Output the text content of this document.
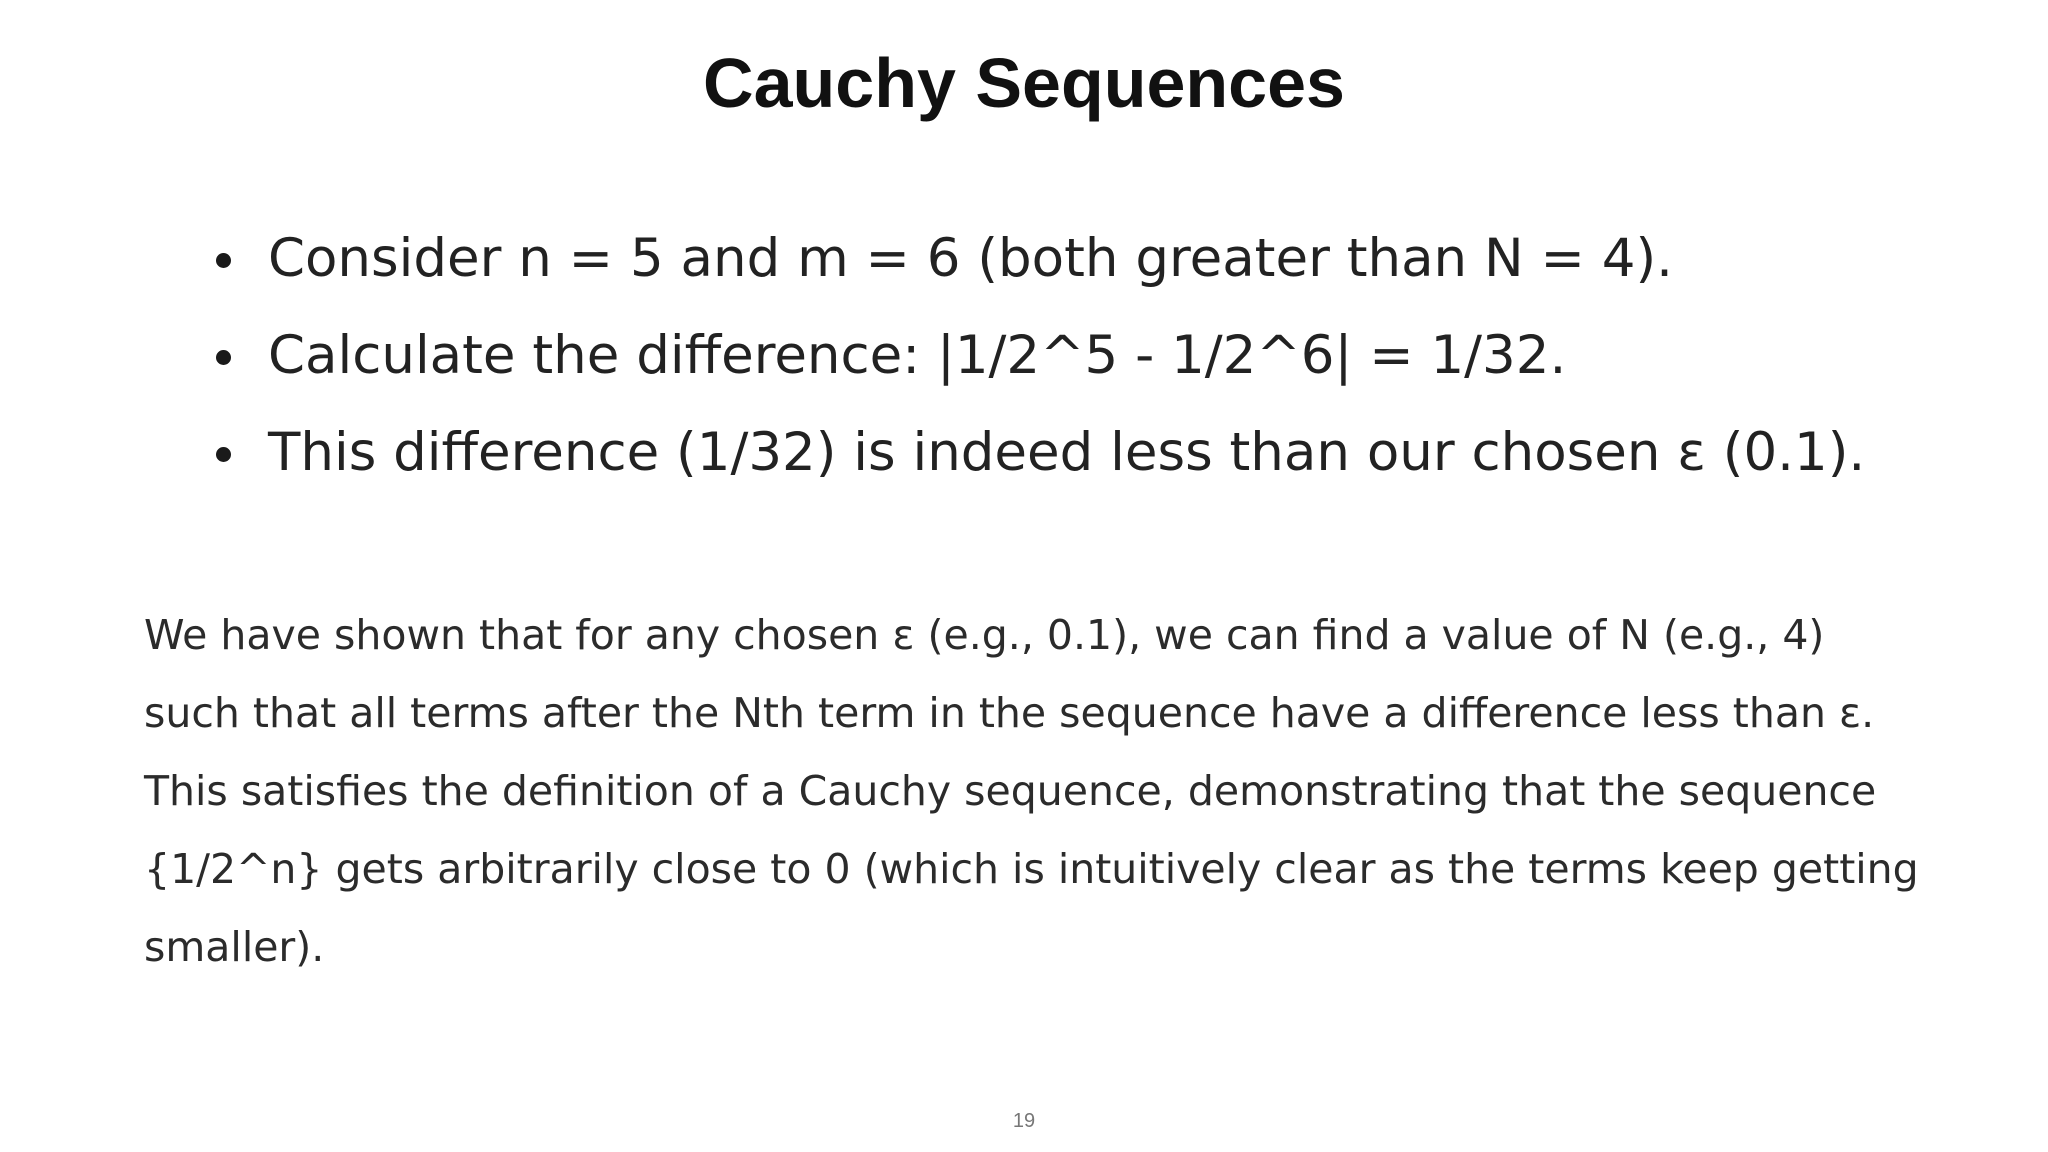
Cauchy Sequences
Consider n = 5 and m = 6 (both greater than N = 4).
Calculate the difference: |1/2^5 - 1/2^6| = 1/32.
This difference (1/32) is indeed less than our chosen ε (0.1).

We have shown that for any chosen ε (e.g., 0.1), we can find a value of N (e.g., 4) such that all terms after the Nth term in the sequence have a difference less than ε. This satisfies the definition of a Cauchy sequence, demonstrating that the sequence {1/2^n} gets arbitrarily close to 0 (which is intuitively clear as the terms keep getting smaller).

19
